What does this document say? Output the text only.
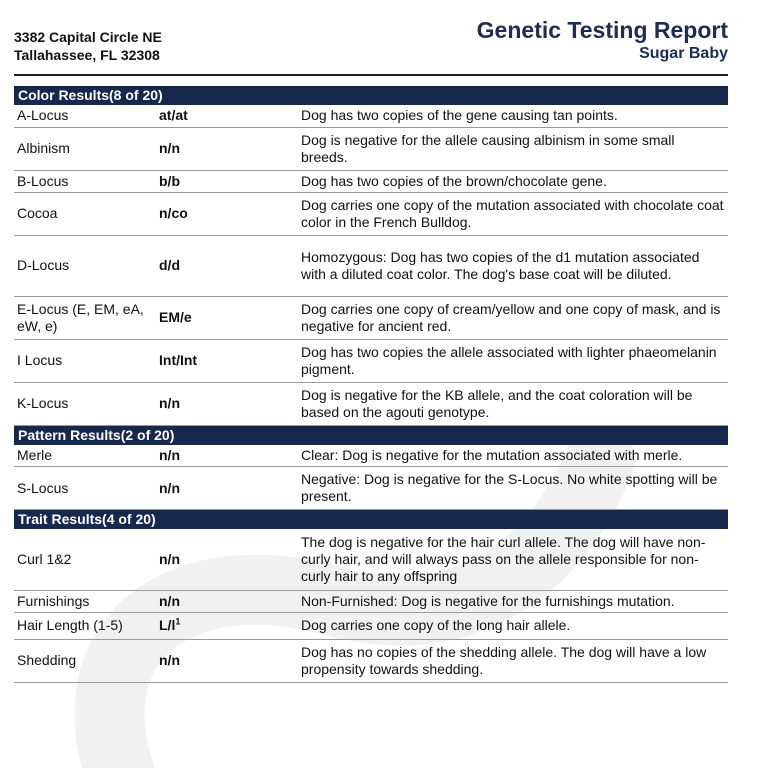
3382 Capital Circle NE
Tallahassee, FL 32308
Genetic Testing Report
Sugar Baby
Color Results(8 of 20)		
A-Locus	at/at	Dog has two copies of the gene causing tan points.
Albinism	n/n	Dog is negative for the allele causing albinism in some small breeds.
B-Locus	b/b	Dog has two copies of the brown/chocolate gene.
Cocoa	n/co	Dog carries one copy of the mutation associated with chocolate coat color in the French Bulldog.
D-Locus	d/d	Homozygous: Dog has two copies of the d1 mutation associated with a diluted coat color. The dog's base coat will be diluted.
E-Locus (E, EM, eA, eW, e)	EM/e	Dog carries one copy of cream/yellow and one copy of mask, and is negative for ancient red.
I Locus	Int/Int	Dog has two copies the allele associated with lighter phaeomelanin pigment.
K-Locus	n/n	Dog is negative for the KB allele, and the coat coloration will be based on the agouti genotype.
Pattern Results(2 of 20)		
Merle	n/n	Clear: Dog is negative for the mutation associated with merle.
S-Locus	n/n	Negative: Dog is negative for the S-Locus. No white spotting will be present.
Trait Results(4 of 20)		
Curl 1&2	n/n	The dog is negative for the hair curl allele. The dog will have non-curly hair, and will always pass on the allele responsible for non-curly hair to any offspring
Furnishings	n/n	Non-Furnished: Dog is negative for the furnishings mutation.
Hair Length (1-5)	$L/l^1$	Dog carries one copy of the long hair allele.
Shedding	n/n	Dog has no copies of the shedding allele. The dog will have a low propensity towards shedding.
